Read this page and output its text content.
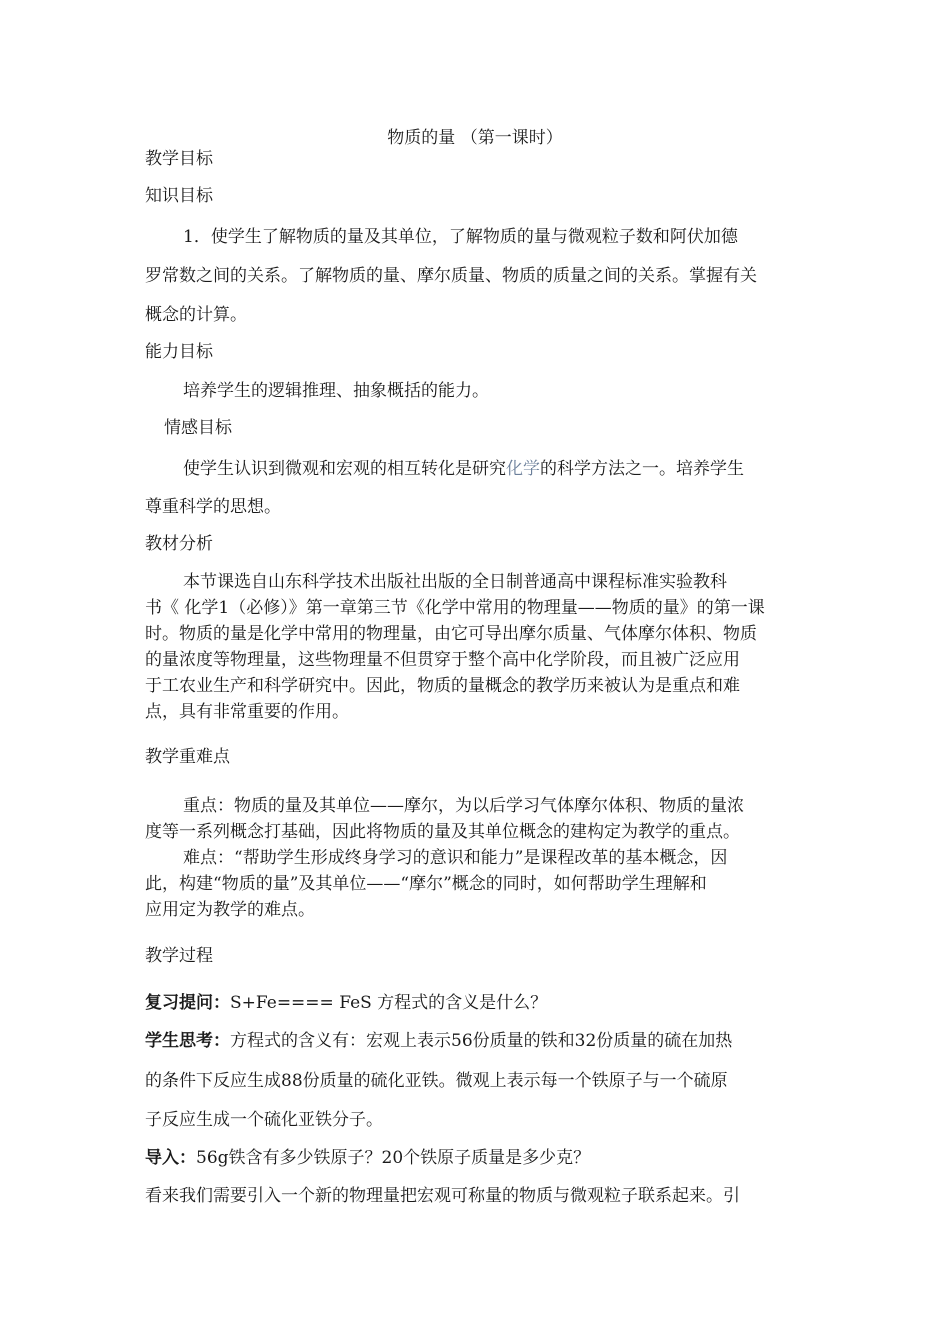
物质的量 （第一课时）
教学目标
知识目标
1．使学生了解物质的量及其单位，了解物质的量与微观粒子数和阿伏加德
罗常数之间的关系。了解物质的量、摩尔质量、物质的质量之间的关系。掌握有关
概念的计算。
能力目标
培养学生的逻辑推理、抽象概括的能力。
情感目标
使学生认识到微观和宏观的相互转化是研究化学的科学方法之一。培养学生
尊重科学的思想。
教材分析
本节课选自山东科学技术出版社出版的全日制普通高中课程标准实验教科
书《 化学1（必修）》第一章第三节《化学中常用的物理量——物质的量》的第一课
时。物质的量是化学中常用的物理量，由它可导出摩尔质量、气体摩尔体积、物质
的量浓度等物理量，这些物理量不但贯穿于整个高中化学阶段，而且被广泛应用
于工农业生产和科学研究中。因此，物质的量概念的教学历来被认为是重点和难
点，具有非常重要的作用。
教学重难点
重点：物质的量及其单位——摩尔，为以后学习气体摩尔体积、物质的量浓
度等一系列概念打基础，因此将物质的量及其单位概念的建构定为教学的重点。
难点：“帮助学生形成终身学习的意识和能力”是课程改革的基本概念，因
此，构建“物质的量”及其单位——“摩尔”概念的同时，如何帮助学生理解和
应用定为教学的难点。
教学过程
复习提问：S+Fe==== FeS 方程式的含义是什么？
学生思考：方程式的含义有：宏观上表示56份质量的铁和32份质量的硫在加热
的条件下反应生成88份质量的硫化亚铁。微观上表示每一个铁原子与一个硫原
子反应生成一个硫化亚铁分子。
导入：56g铁含有多少铁原子？20个铁原子质量是多少克？
看来我们需要引入一个新的物理量把宏观可称量的物质与微观粒子联系起来。引
